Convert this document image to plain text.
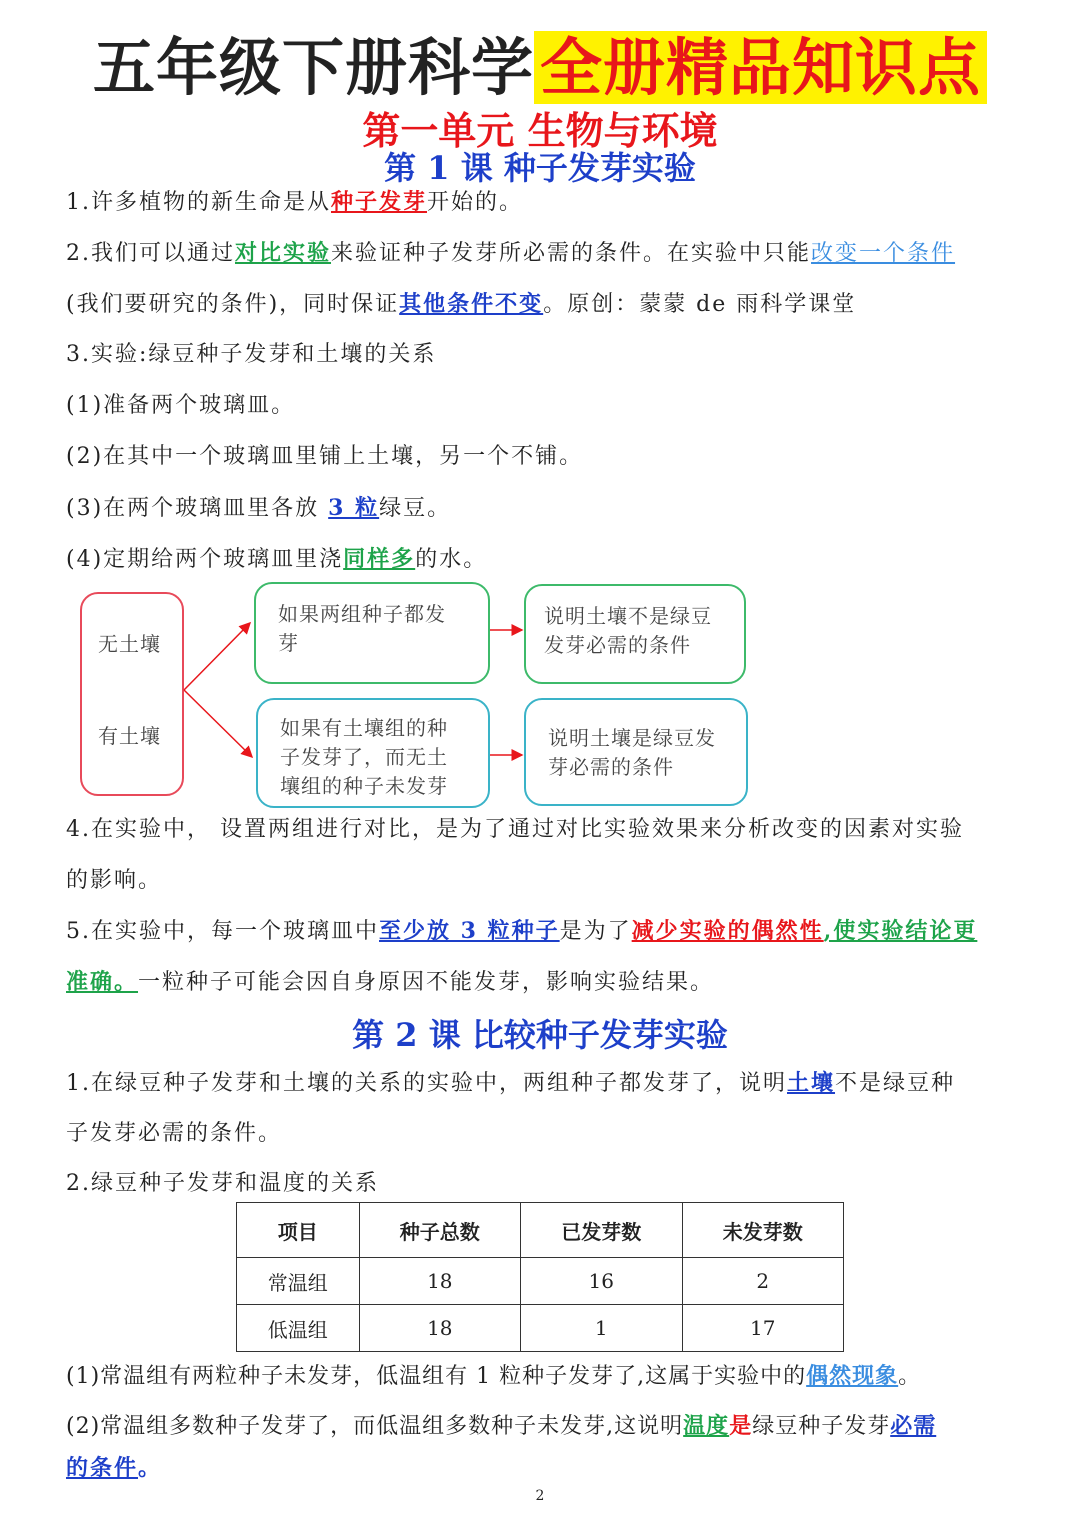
五年级下册科学全册精品知识点
第一单元 生物与环境
第 1 课 种子发芽实验
1.许多植物的新生命是从种子发芽开始的。
2.我们可以通过对比实验来验证种子发芽所必需的条件。在实验中只能改变一个条件
(我们要研究的条件)，同时保证其他条件不变。原创：蒙蒙 de 雨科学课堂
3.实验:绿豆种子发芽和土壤的关系
(1)准备两个玻璃皿。
(2)在其中一个玻璃皿里铺上土壤，另一个不铺。
(3)在两个玻璃皿里各放 3 粒绿豆。
(4)定期给两个玻璃皿里浇同样多的水。
无土壤
有土壤
如果两组种子都发芽
如果有土壤组的种子发芽了，而无土壤组的种子未发芽
说明土壤不是绿豆发芽必需的条件
说明土壤是绿豆发芽必需的条件
4.在实验中， 设置两组进行对比，是为了通过对比实验效果来分析改变的因素对实验
的影响。
5.在实验中，每一个玻璃皿中至少放 3 粒种子是为了减少实验的偶然性,使实验结论更
准确。一粒种子可能会因自身原因不能发芽，影响实验结果。
第 2 课 比较种子发芽实验
1.在绿豆种子发芽和土壤的关系的实验中，两组种子都发芽了，说明土壤不是绿豆种
子发芽必需的条件。
2.绿豆种子发芽和温度的关系
项目	种子总数	已发芽数	未发芽数
常温组	18	16	2
低温组	18	1	17
(1)常温组有两粒种子未发芽，低温组有 1 粒种子发芽了,这属于实验中的偶然现象。
(2)常温组多数种子发芽了，而低温组多数种子未发芽,这说明温度是绿豆种子发芽必需
的条件。
2
